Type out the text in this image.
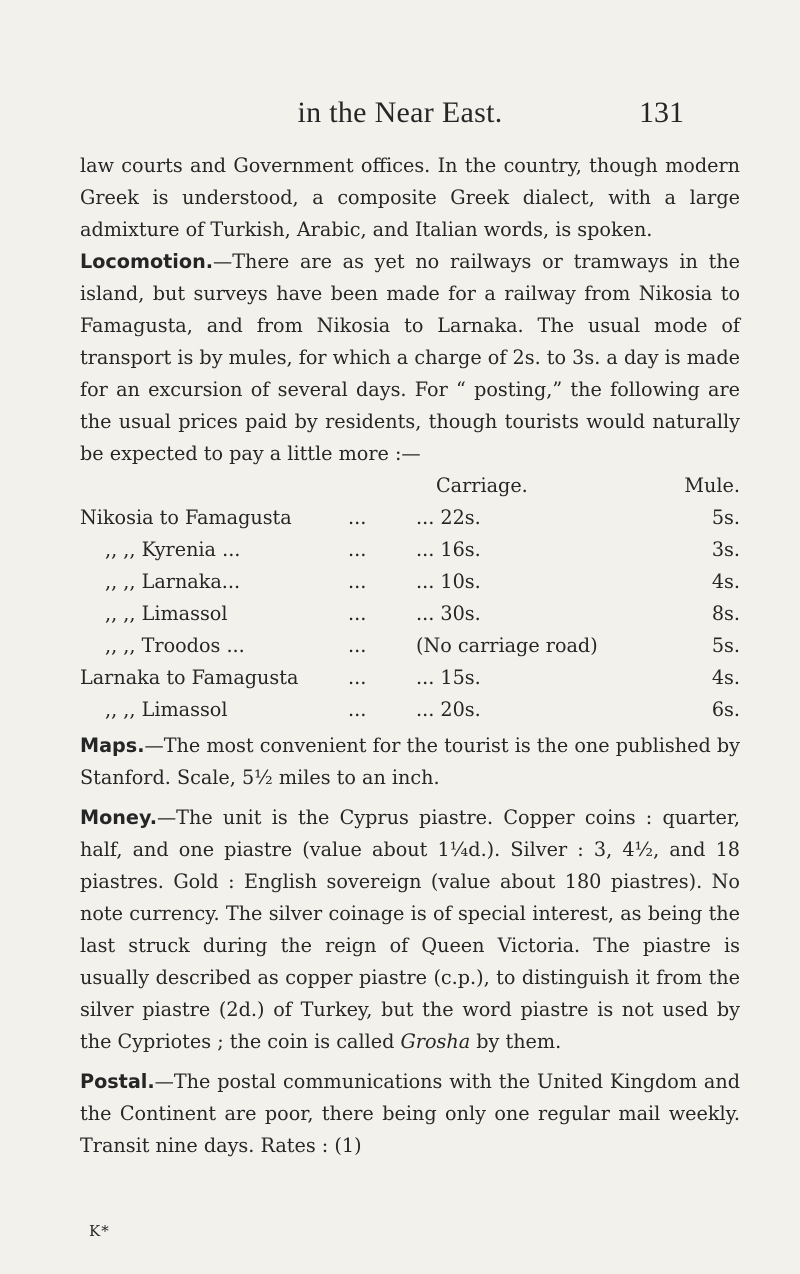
in the Near East.	131

law courts and Government offices. In the country, though modern Greek is understood, a composite Greek dialect, with a large admixture of Turkish, Arabic, and Italian words, is spoken.

Locomotion.—There are as yet no railways or tramways in the island, but surveys have been made for a railway from Nikosia to Famagusta, and from Nikosia to Larnaka. The usual mode of transport is by mules, for which a charge of 2s. to 3s. a day is made for an excursion of several days. For “ posting,” the following are the usual prices paid by residents, though tourists would naturally be expected to pay a little more :—

Carriage.	Mule.
Nikosia to Famagusta	...	... 22s.	5s.
,, ,, Kyrenia ...	...	... 16s.	3s.
,, ,, Larnaka...	...	... 10s.	4s.
,, ,, Limassol	...	... 30s.	8s.
,, ,, Troodos ...	...	(No carriage road)	5s.
Larnaka to Famagusta	...	... 15s.	4s.
,, ,, Limassol	...	... 20s.	6s.

Maps.—The most convenient for the tourist is the one published by Stanford. Scale, 5½ miles to an inch.

Money.—The unit is the Cyprus piastre. Copper coins : quarter, half, and one piastre (value about 1¼d.). Silver : 3, 4½, and 18 piastres. Gold : English sovereign (value about 180 piastres). No note currency. The silver coinage is of special interest, as being the last struck during the reign of Queen Victoria. The piastre is usually described as copper piastre (c.p.), to distinguish it from the silver piastre (2d.) of Turkey, but the word piastre is not used by the Cypriotes ; the coin is called Grosha by them.

Postal.—The postal communications with the United Kingdom and the Continent are poor, there being only one regular mail weekly. Transit nine days. Rates : (1)

K*
